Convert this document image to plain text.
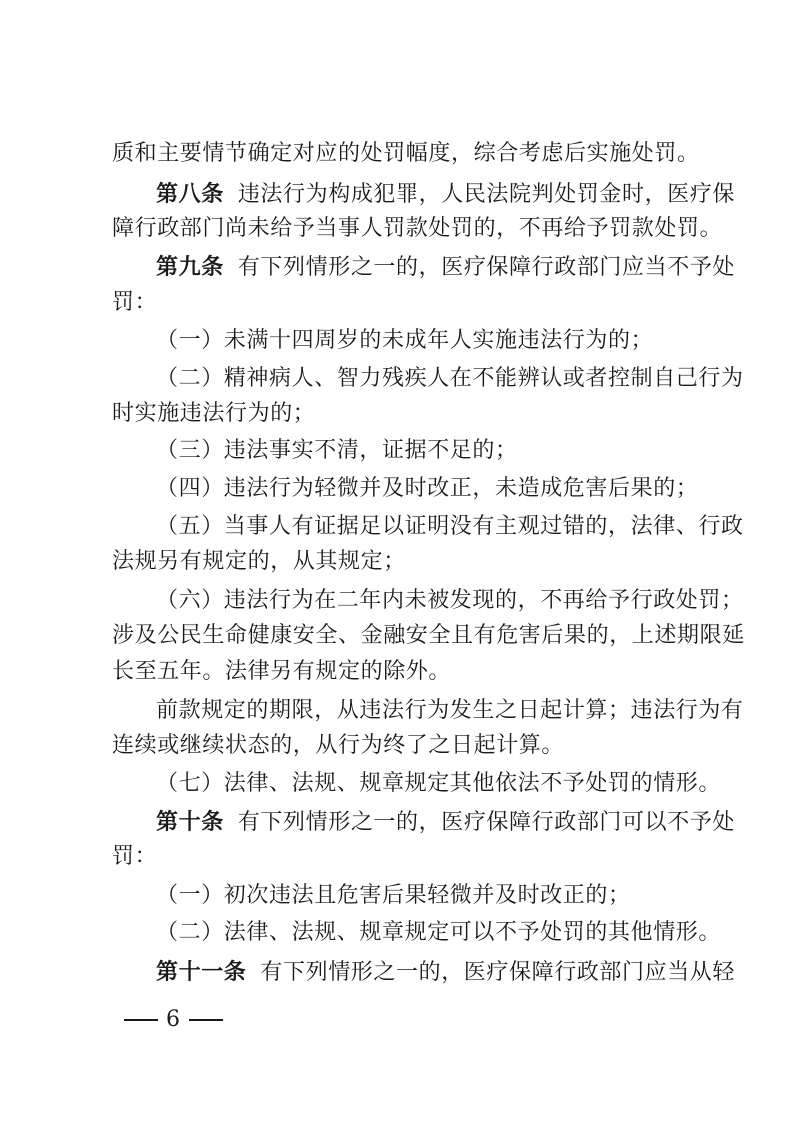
质和主要情节确定对应的处罚幅度，综合考虑后实施处罚。
第八条 违法行为构成犯罪，人民法院判处罚金时，医疗保
障行政部门尚未给予当事人罚款处罚的，不再给予罚款处罚。
第九条 有下列情形之一的，医疗保障行政部门应当不予处
罚：
（一）未满十四周岁的未成年人实施违法行为的；
（二）精神病人、智力残疾人在不能辨认或者控制自己行为
时实施违法行为的；
（三）违法事实不清，证据不足的；
（四）违法行为轻微并及时改正，未造成危害后果的；
（五）当事人有证据足以证明没有主观过错的，法律、行政
法规另有规定的，从其规定；
（六）违法行为在二年内未被发现的，不再给予行政处罚；
涉及公民生命健康安全、金融安全且有危害后果的，上述期限延
长至五年。法律另有规定的除外。
前款规定的期限，从违法行为发生之日起计算；违法行为有
连续或继续状态的，从行为终了之日起计算。
（七）法律、法规、规章规定其他依法不予处罚的情形。
第十条 有下列情形之一的，医疗保障行政部门可以不予处
罚：
（一）初次违法且危害后果轻微并及时改正的；
（二）法律、法规、规章规定可以不予处罚的其他情形。
第十一条 有下列情形之一的，医疗保障行政部门应当从轻
6
